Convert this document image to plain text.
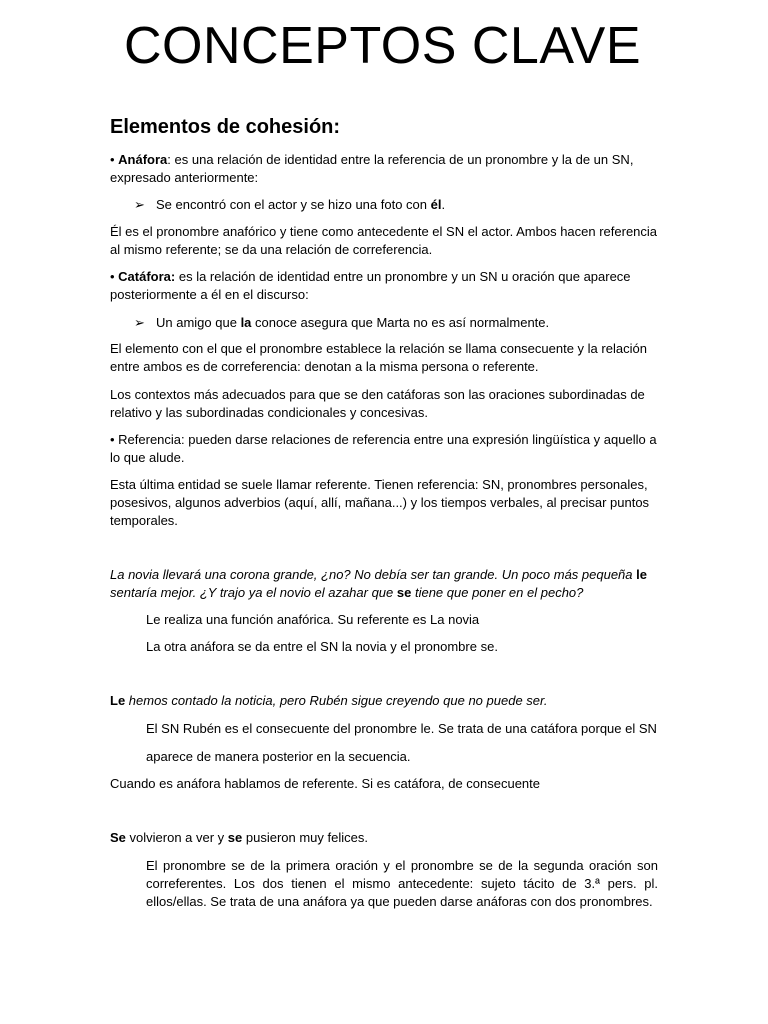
CONCEPTOS CLAVE
Elementos de cohesión:
• Anáfora: es una relación de identidad entre la referencia de un pronombre y la de un SN, expresado anteriormente:
➢ Se encontró con el actor y se hizo una foto con él.
Él es el pronombre anafórico y tiene como antecedente el SN el actor. Ambos hacen referencia al mismo referente; se da una relación de correferencia.
• Catáfora: es la relación de identidad entre un pronombre y un SN u oración que aparece posteriormente a él en el discurso:
➢ Un amigo que la conoce asegura que Marta no es así normalmente.
El elemento con el que el pronombre establece la relación se llama consecuente y la relación entre ambos es de correferencia: denotan a la misma persona o referente.
Los contextos más adecuados para que se den catáforas son las oraciones subordinadas de relativo y las subordinadas condicionales y concesivas.
• Referencia: pueden darse relaciones de referencia entre una expresión lingüística y aquello a lo que alude.
Esta última entidad se suele llamar referente. Tienen referencia: SN, pronombres personales, posesivos, algunos adverbios (aquí, allí, mañana...) y los tiempos verbales, al precisar puntos temporales.
La novia llevará una corona grande, ¿no? No debía ser tan grande. Un poco más pequeña le sentaría mejor. ¿Y trajo ya el novio el azahar que se tiene que poner en el pecho?
Le realiza una función anafórica. Su referente es La novia
La otra anáfora se da entre el SN la novia y el pronombre se.
Le hemos contado la noticia, pero Rubén sigue creyendo que no puede ser.
El SN Rubén es el consecuente del pronombre le. Se trata de una catáfora porque el SN
aparece de manera posterior en la secuencia.
Cuando es anáfora hablamos de referente. Si es catáfora, de consecuente
Se volvieron a ver y se pusieron muy felices.
El pronombre se de la primera oración y el pronombre se de la segunda oración son correferentes. Los dos tienen el mismo antecedente: sujeto tácito de 3.ª pers. pl. ellos/ellas. Se trata de una anáfora ya que pueden darse anáforas con dos pronombres.
